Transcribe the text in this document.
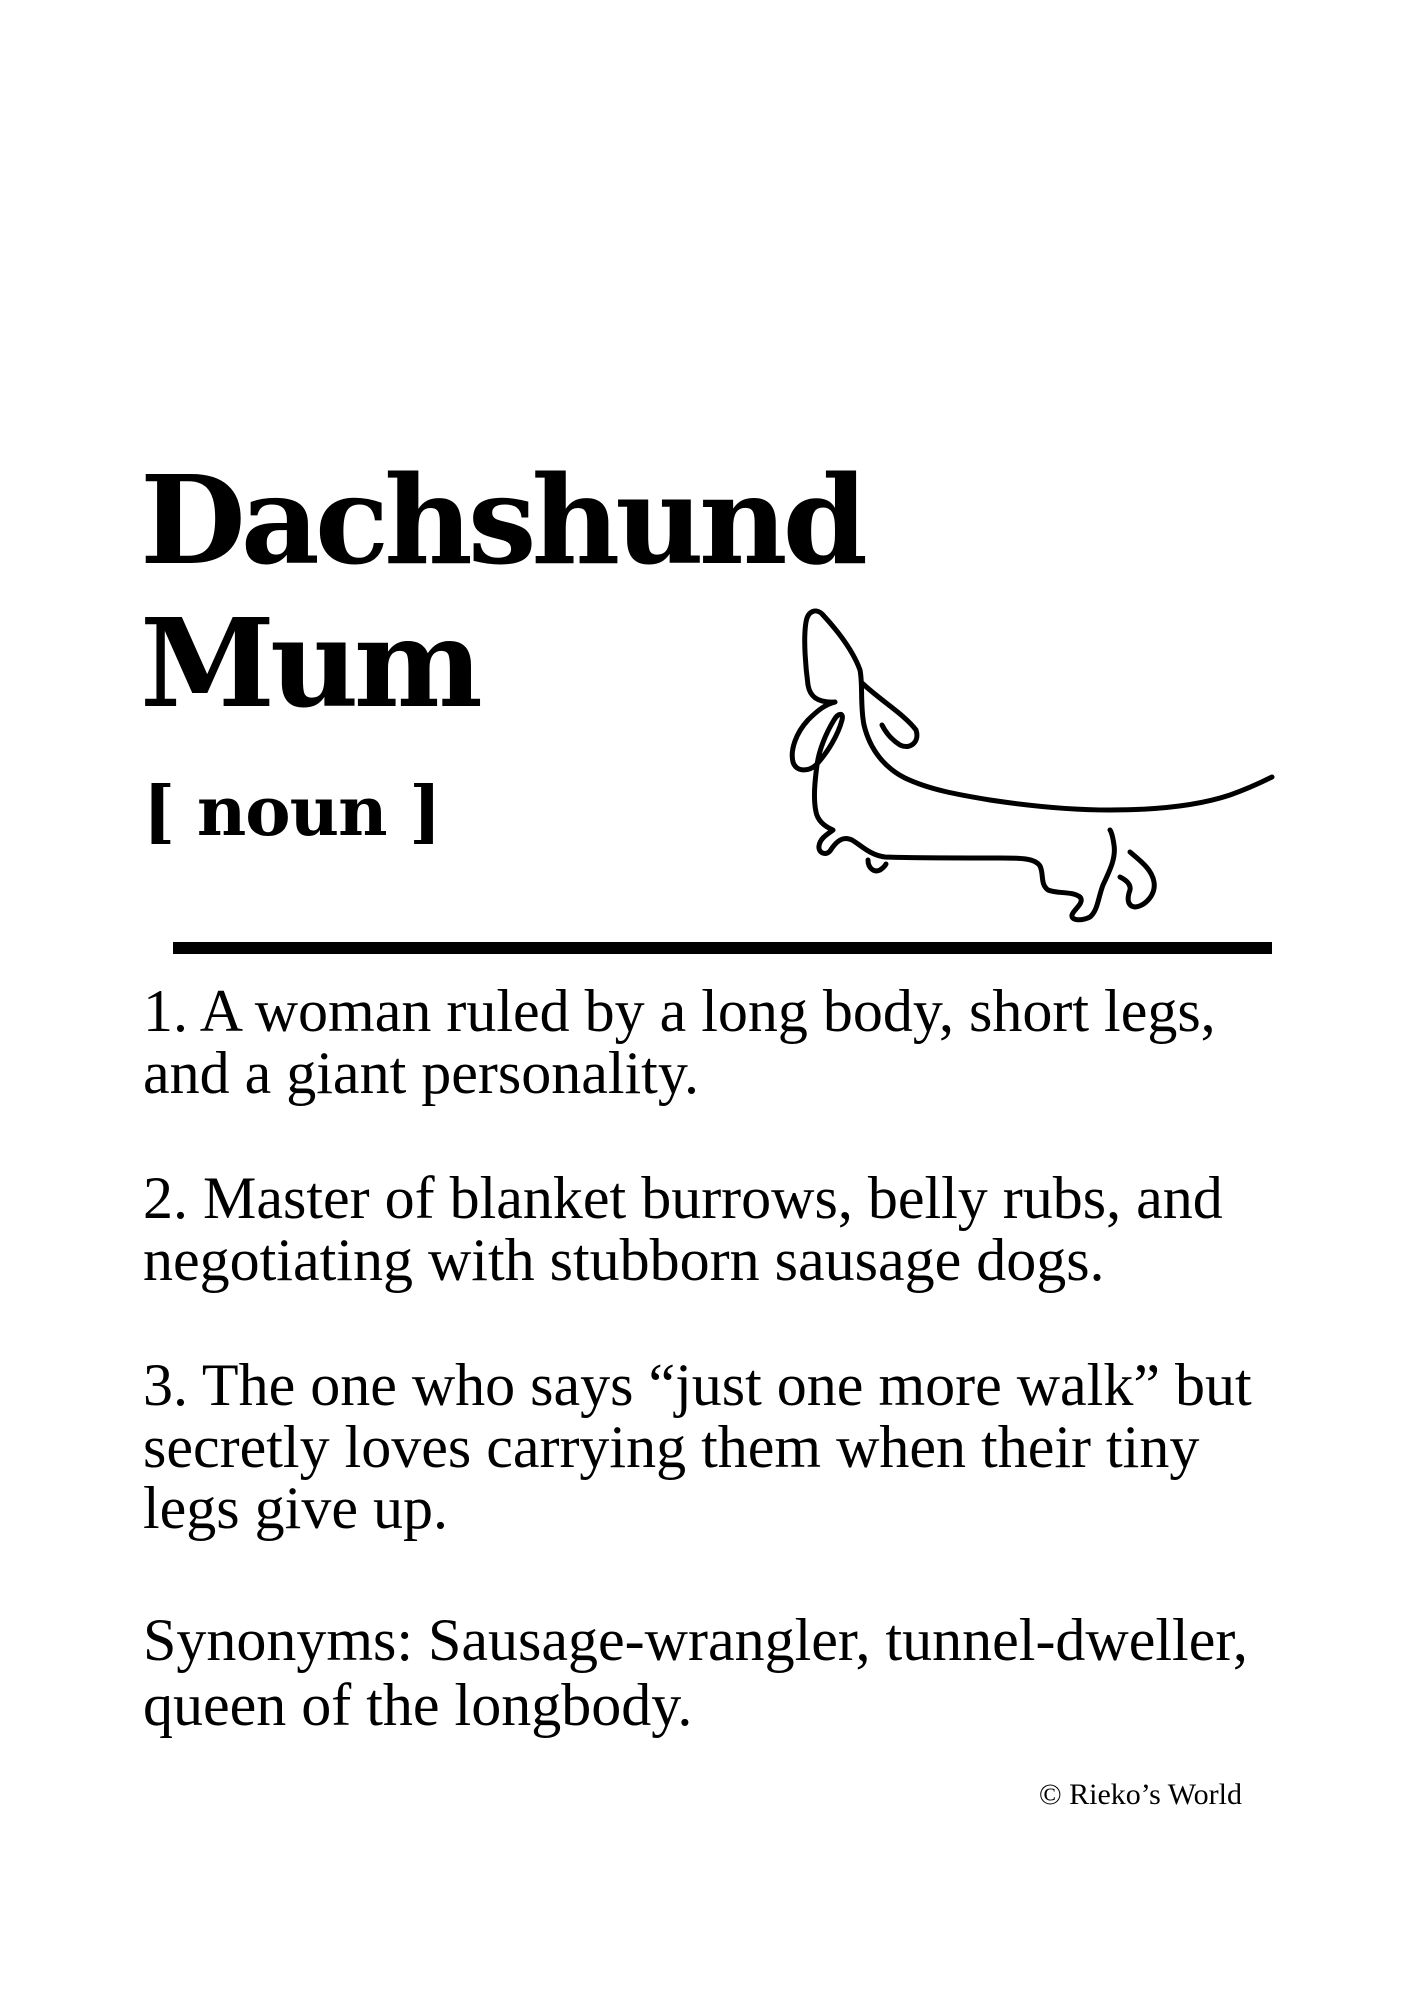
Dachshund
Mum
[ noun ]
1. A woman ruled by a long body, short legs,
and a giant personality.
2. Master of blanket burrows, belly rubs, and
negotiating with stubborn sausage dogs.
3. The one who says “just one more walk” but
secretly loves carrying them when their tiny
legs give up.
Synonyms: Sausage-wrangler, tunnel-dweller,
queen of the longbody.
© Rieko’s World
